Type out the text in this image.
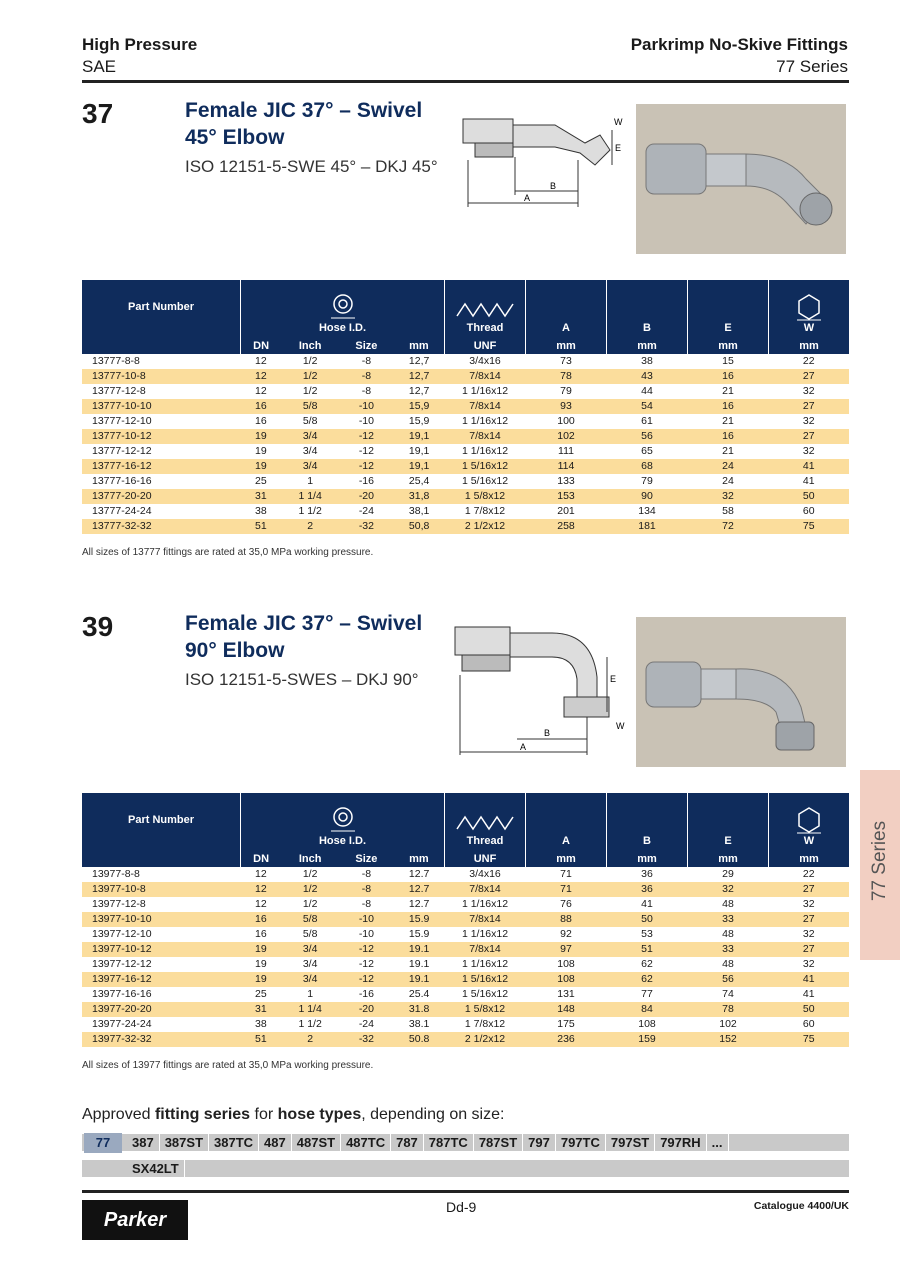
High Pressure
SAE
Parkrimp No-Skive Fittings
77 Series
37	Female JIC 37° – Swivel
45° Elbow
ISO 12151-5-SWE 45° – DKJ 45°
A
B
E
W
Part Number	Hose I.D.				Thread	A	B	E	W

	DN	Inch	Size	mm	UNF	mm	mm	mm	mm
13777-8-8	12	1/2	-8	12,7	3/4x16	73	38	15	22
13777-10-8	12	1/2	-8	12,7	7/8x14	78	43	16	27
13777-12-8	12	1/2	-8	12,7	1 1/16x12	79	44	21	32
13777-10-10	16	5/8	-10	15,9	7/8x14	93	54	16	27
13777-12-10	16	5/8	-10	15,9	1 1/16x12	100	61	21	32
13777-10-12	19	3/4	-12	19,1	7/8x14	102	56	16	27
13777-12-12	19	3/4	-12	19,1	1 1/16x12	111	65	21	32
13777-16-12	19	3/4	-12	19,1	1 5/16x12	114	68	24	41
13777-16-16	25	1	-16	25,4	1 5/16x12	133	79	24	41
13777-20-20	31	1 1/4	-20	31,8	1 5/8x12	153	90	32	50
13777-24-24	38	1 1/2	-24	38,1	1 7/8x12	201	134	58	60
13777-32-32	51	2	-32	50,8	2 1/2x12	258	181	72	75
All sizes of 13777 fittings are rated at 35,0 MPa working pressure.
39	Female JIC 37° – Swivel
90° Elbow
ISO 12151-5-SWES – DKJ 90°
A
B
E
W
Part Number	Hose I.D.				Thread	A	B	E	W

	DN	Inch	Size	mm	UNF	mm	mm	mm	mm
13977-8-8	12	1/2	-8	12.7	3/4x16	71	36	29	22
13977-10-8	12	1/2	-8	12.7	7/8x14	71	36	32	27
13977-12-8	12	1/2	-8	12.7	1 1/16x12	76	41	48	32
13977-10-10	16	5/8	-10	15.9	7/8x14	88	50	33	27
13977-12-10	16	5/8	-10	15.9	1 1/16x12	92	53	48	32
13977-10-12	19	3/4	-12	19.1	7/8x14	97	51	33	27
13977-12-12	19	3/4	-12	19.1	1 1/16x12	108	62	48	32
13977-16-12	19	3/4	-12	19.1	1 5/16x12	108	62	56	41
13977-16-16	25	1	-16	25.4	1 5/16x12	131	77	74	41
13977-20-20	31	1 1/4	-20	31.8	1 5/8x12	148	84	78	50
13977-24-24	38	1 1/2	-24	38.1	1 7/8x12	175	108	102	60
13977-32-32	51	2	-32	50.8	2 1/2x12	236	159	152	75
All sizes of 13977 fittings are rated at 35,0 MPa working pressure.
Approved fitting series for hose types, depending on size:
387 387ST 387TC 487 487ST 487TC 787 787TC 787ST 797 797TC 797ST 797RH ...
77
SX42LT
77 Series
Parker
Dd-9	Catalogue 4400/UK
